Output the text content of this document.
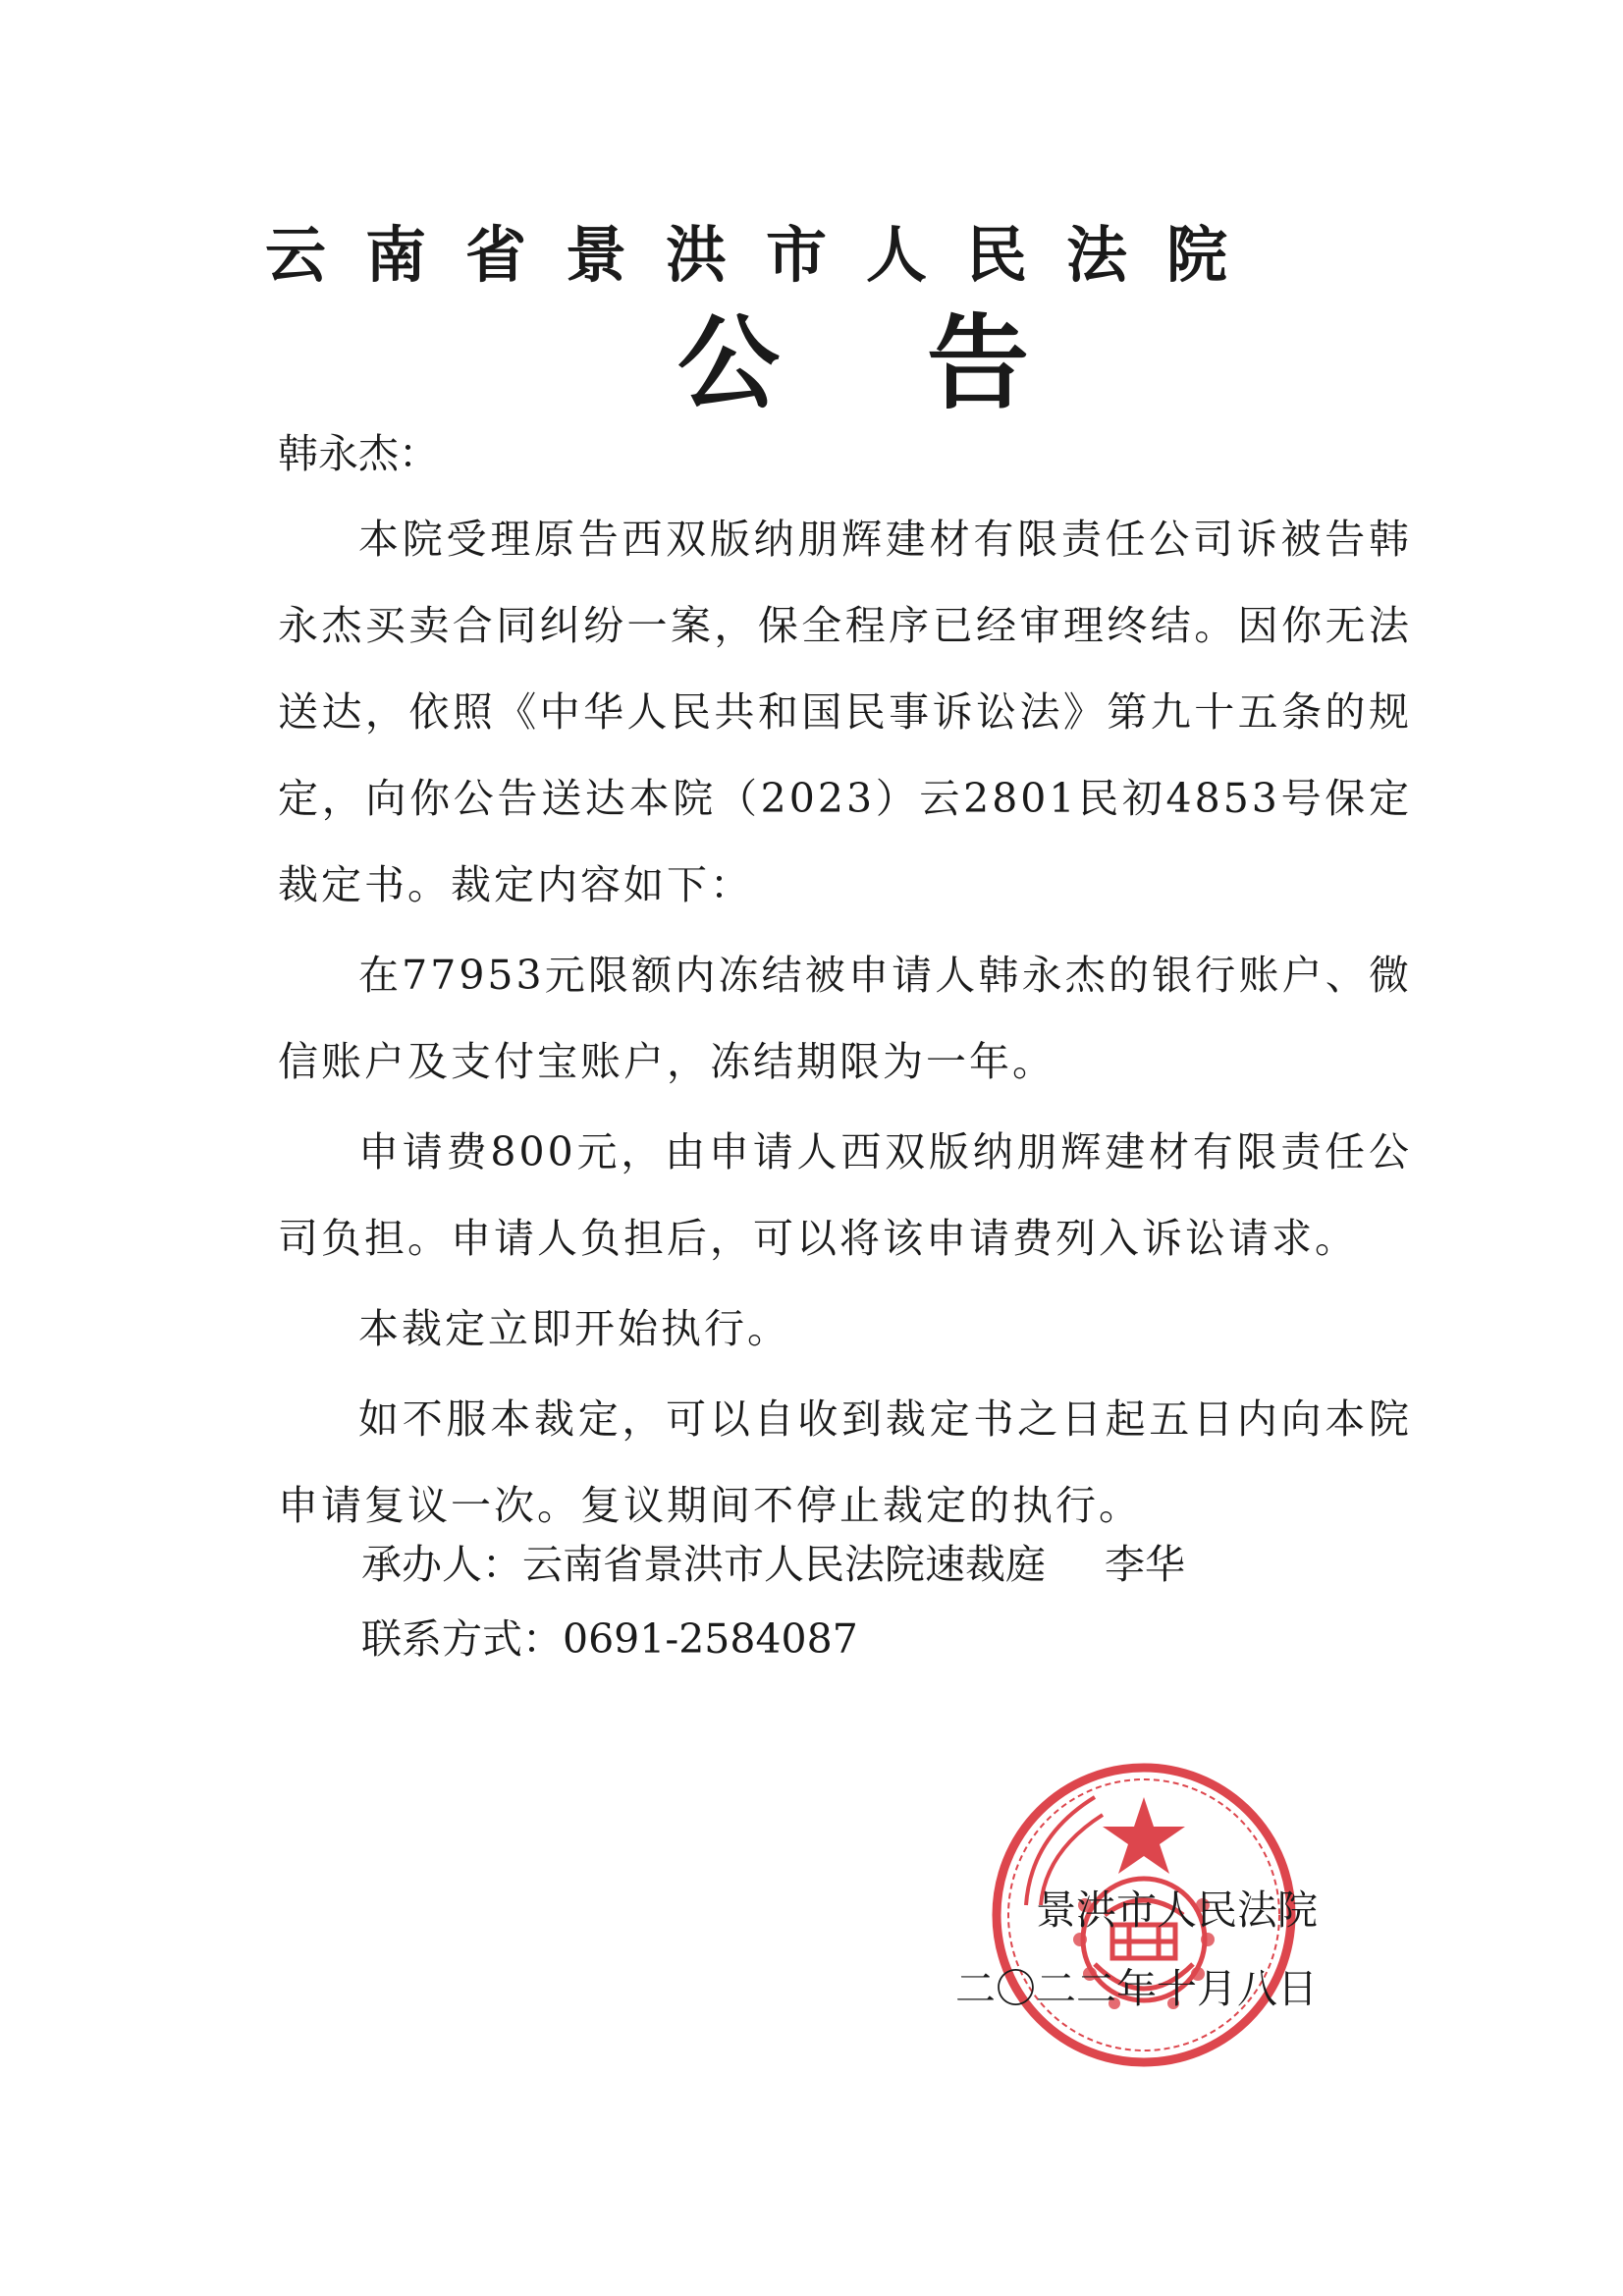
云南省景洪市人民法院
公告
韩永杰：

本院受理原告西双版纳朋辉建材有限责任公司诉被告韩永杰买卖合同纠纷一案，保全程序已经审理终结。因你无法送达，依照《中华人民共和国民事诉讼法》第九十五条的规定，向你公告送达本院（2023）云2801民初4853号保定裁定书。裁定内容如下：

在77953元限额内冻结被申请人韩永杰的银行账户、微信账户及支付宝账户，冻结期限为一年。

申请费800元，由申请人西双版纳朋辉建材有限责任公司负担。申请人负担后，可以将该申请费列入诉讼请求。

本裁定立即开始执行。

如不服本裁定，可以自收到裁定书之日起五日内向本院申请复议一次。复议期间不停止裁定的执行。

承办人：云南省景洪市人民法院速裁庭 李华
联系方式：0691-2584087
景洪市人民法院
二〇二二年十月八日
